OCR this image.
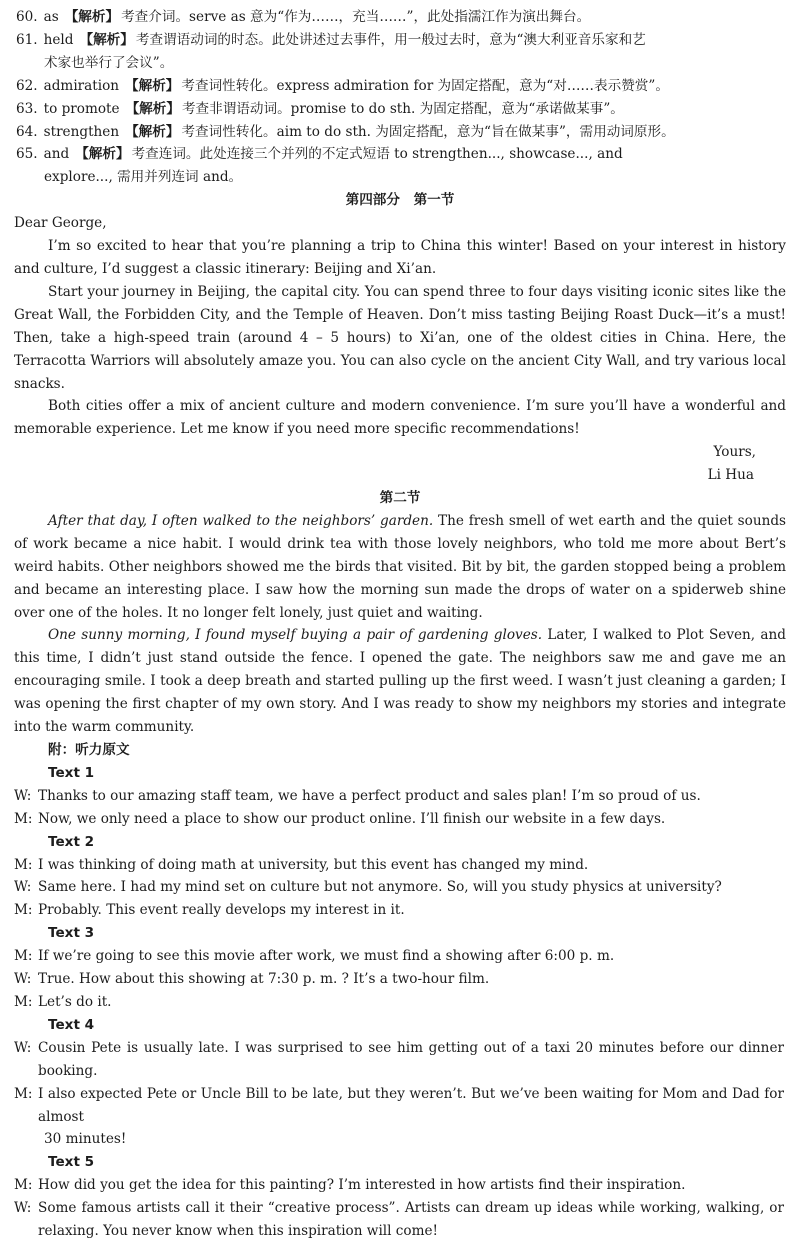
60. as 【解析】 考查介词。serve as 意为“作为……，充当……”，此处指濡江作为演出舞台。
61. held 【解析】 考查谓语动词的时态。此处讲述过去事件，用一般过去时，意为“澳大利亚音乐家和艺
术家也举行了会议”。
62. admiration 【解析】 考查词性转化。express admiration for 为固定搭配，意为“对……表示赞赏”。
63. to promote 【解析】 考查非谓语动词。promise to do sth. 为固定搭配，意为“承诺做某事”。
64. strengthen 【解析】 考查词性转化。aim to do sth. 为固定搭配，意为“旨在做某事”，需用动词原形。
65. and 【解析】 考查连词。此处连接三个并列的不定式短语 to strengthen..., showcase..., and
explore..., 需用并列连词 and。
第四部分　第一节

Dear George,

I’m so excited to hear that you’re planning a trip to China this winter! Based on your interest in history and culture, I’d suggest a classic itinerary: Beijing and Xi’an.

Start your journey in Beijing, the capital city. You can spend three to four days visiting iconic sites like the Great Wall, the Forbidden City, and the Temple of Heaven. Don’t miss tasting Beijing Roast Duck—it’s a must! Then, take a high-speed train (around 4 – 5 hours) to Xi’an, one of the oldest cities in China. Here, the Terracotta Warriors will absolutely amaze you. You can also cycle on the ancient City Wall, and try various local snacks.

Both cities offer a mix of ancient culture and modern convenience. I’m sure you’ll have a wonderful and memorable experience. Let me know if you need more specific recommendations!

Yours,

Li Hua

第二节

After that day, I often walked to the neighbors’ garden. The fresh smell of wet earth and the quiet sounds of work became a nice habit. I would drink tea with those lovely neighbors, who told me more about Bert’s weird habits. Other neighbors showed me the birds that visited. Bit by bit, the garden stopped being a problem and became an interesting place. I saw how the morning sun made the drops of water on a spiderweb shine over one of the holes. It no longer felt lonely, just quiet and waiting.

One sunny morning, I found myself buying a pair of gardening gloves. Later, I walked to Plot Seven, and this time, I didn’t just stand outside the fence. I opened the gate. The neighbors saw me and gave me an encouraging smile. I took a deep breath and started pulling up the first weed. I wasn’t just cleaning a garden; I was opening the first chapter of my own story. And I was ready to show my neighbors my stories and integrate into the warm community.

附：听力原文
Text 1
W: Thanks to our amazing staff team, we have a perfect product and sales plan! I’m so proud of us.
M: Now, we only need a place to show our product online. I’ll finish our website in a few days.
Text 2
M: I was thinking of doing math at university, but this event has changed my mind.
W: Same here. I had my mind set on culture but not anymore. So, will you study physics at university?
M: Probably. This event really develops my interest in it.
Text 3
M: If we’re going to see this movie after work, we must find a showing after 6:00 p. m.
W: True. How about this showing at 7:30 p. m. ? It’s a two-hour film.
M: Let’s do it.
Text 4
W: Cousin Pete is usually late. I was surprised to see him getting out of a taxi 20 minutes before our dinner booking.
M: I also expected Pete or Uncle Bill to be late, but they weren’t. But we’ve been waiting for Mom and Dad for almost
30 minutes!
Text 5
M: How did you get the idea for this painting? I’m interested in how artists find their inspiration.
W: Some famous artists call it their “creative process”. Artists can dream up ideas while working, walking, or relaxing. You never know when this inspiration will come!
